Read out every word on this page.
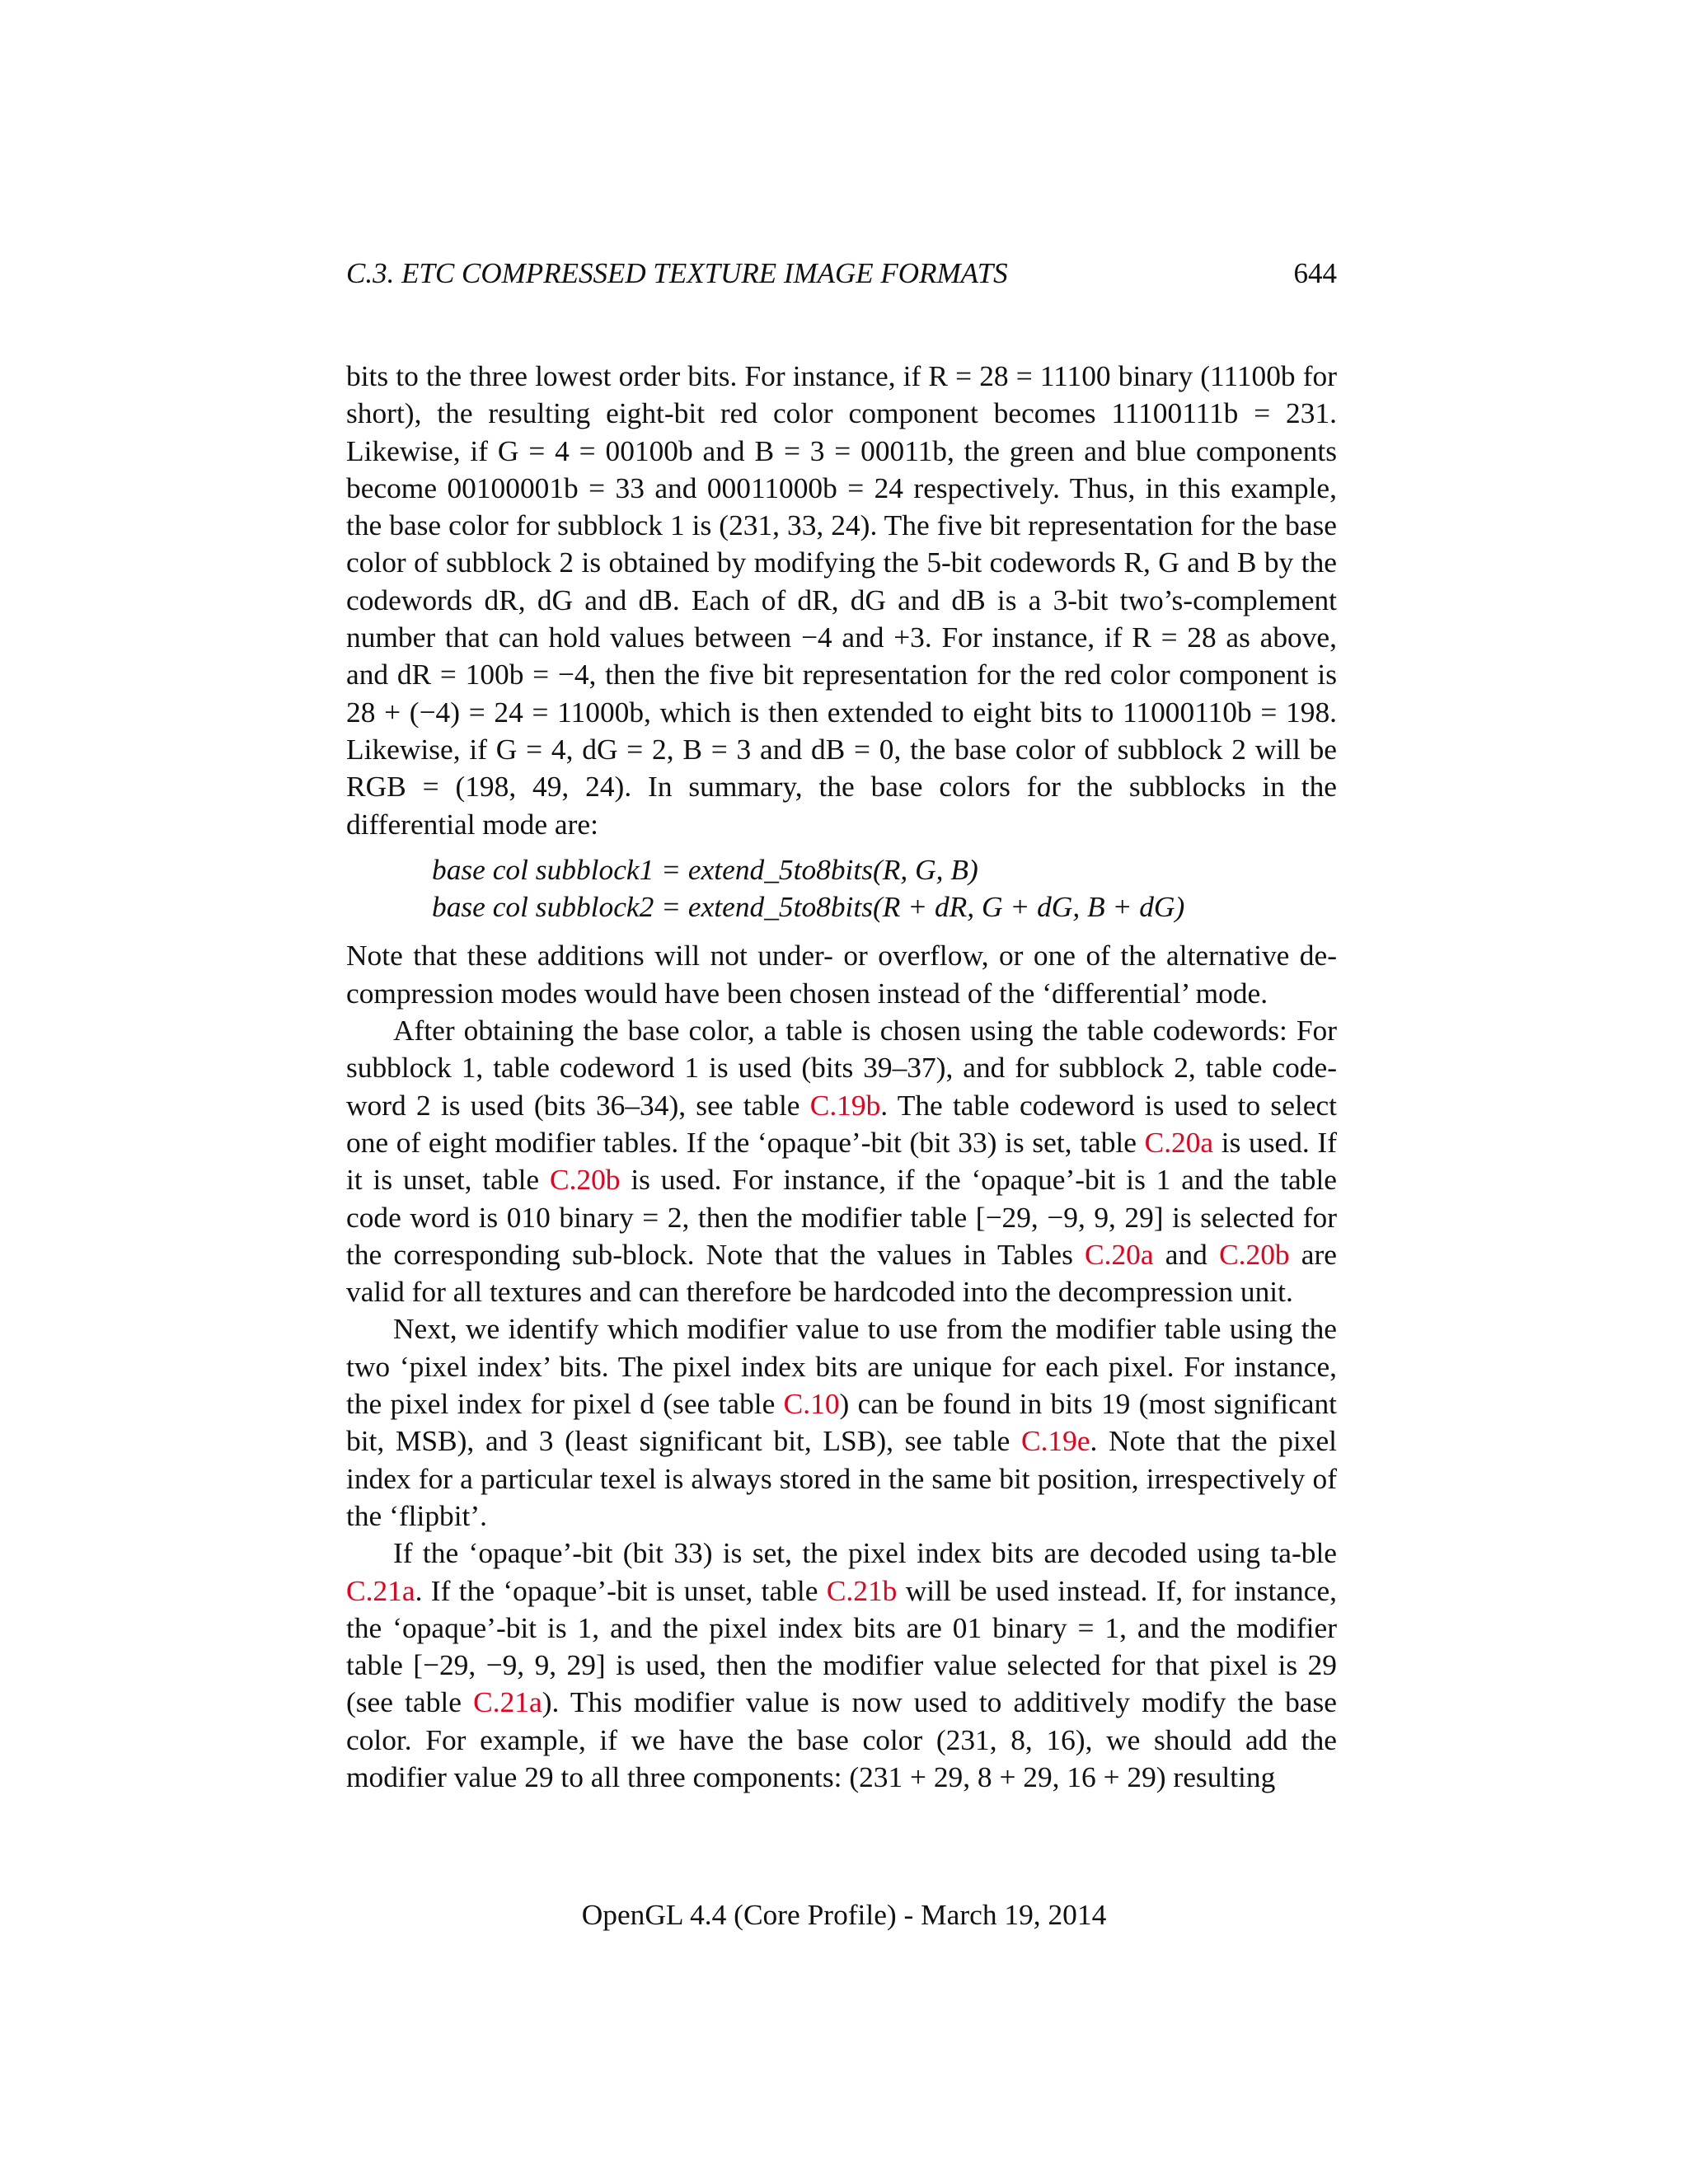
C.3. ETC COMPRESSED TEXTURE IMAGE FORMATS	644

bits to the three lowest order bits. For instance, if R = 28 = 11100 binary (11100b for short), the resulting eight-bit red color component becomes 11100111b = 231. Likewise, if G = 4 = 00100b and B = 3 = 00011b, the green and blue components become 00100001b = 33 and 00011000b = 24 respectively. Thus, in this example, the base color for subblock 1 is (231, 33, 24). The five bit representation for the base color of subblock 2 is obtained by modifying the 5-bit codewords R, G and B by the codewords dR, dG and dB. Each of dR, dG and dB is a 3-bit two’s-complement number that can hold values between −4 and +3. For instance, if R = 28 as above, and dR = 100b = −4, then the five bit representation for the red color component is 28 + (−4) = 24 = 11000b, which is then extended to eight bits to 11000110b = 198. Likewise, if G = 4, dG = 2, B = 3 and dB = 0, the base color of subblock 2 will be RGB = (198, 49, 24). In summary, the base colors for the subblocks in the differential mode are:

base col subblock1 = extend_5to8bits(R, G, B)
base col subblock2 = extend_5to8bits(R + dR, G + dG, B + dG)

Note that these additions will not under- or overflow, or one of the alternative de-compression modes would have been chosen instead of the ‘differential’ mode.

After obtaining the base color, a table is chosen using the table codewords: For subblock 1, table codeword 1 is used (bits 39–37), and for subblock 2, table code-word 2 is used (bits 36–34), see table C.19b. The table codeword is used to select one of eight modifier tables. If the ‘opaque’-bit (bit 33) is set, table C.20a is used. If it is unset, table C.20b is used. For instance, if the ‘opaque’-bit is 1 and the table code word is 010 binary = 2, then the modifier table [−29, −9, 9, 29] is selected for the corresponding sub-block. Note that the values in Tables C.20a and C.20b are valid for all textures and can therefore be hardcoded into the decompression unit.

Next, we identify which modifier value to use from the modifier table using the two ‘pixel index’ bits. The pixel index bits are unique for each pixel. For instance, the pixel index for pixel d (see table C.10) can be found in bits 19 (most significant bit, MSB), and 3 (least significant bit, LSB), see table C.19e. Note that the pixel index for a particular texel is always stored in the same bit position, irrespectively of the ‘flipbit’.

If the ‘opaque’-bit (bit 33) is set, the pixel index bits are decoded using ta-ble C.21a. If the ‘opaque’-bit is unset, table C.21b will be used instead. If, for instance, the ‘opaque’-bit is 1, and the pixel index bits are 01 binary = 1, and the modifier table [−29, −9, 9, 29] is used, then the modifier value selected for that pixel is 29 (see table C.21a). This modifier value is now used to additively modify the base color. For example, if we have the base color (231, 8, 16), we should add the modifier value 29 to all three components: (231 + 29, 8 + 29, 16 + 29) resulting

OpenGL 4.4 (Core Profile) - March 19, 2014
